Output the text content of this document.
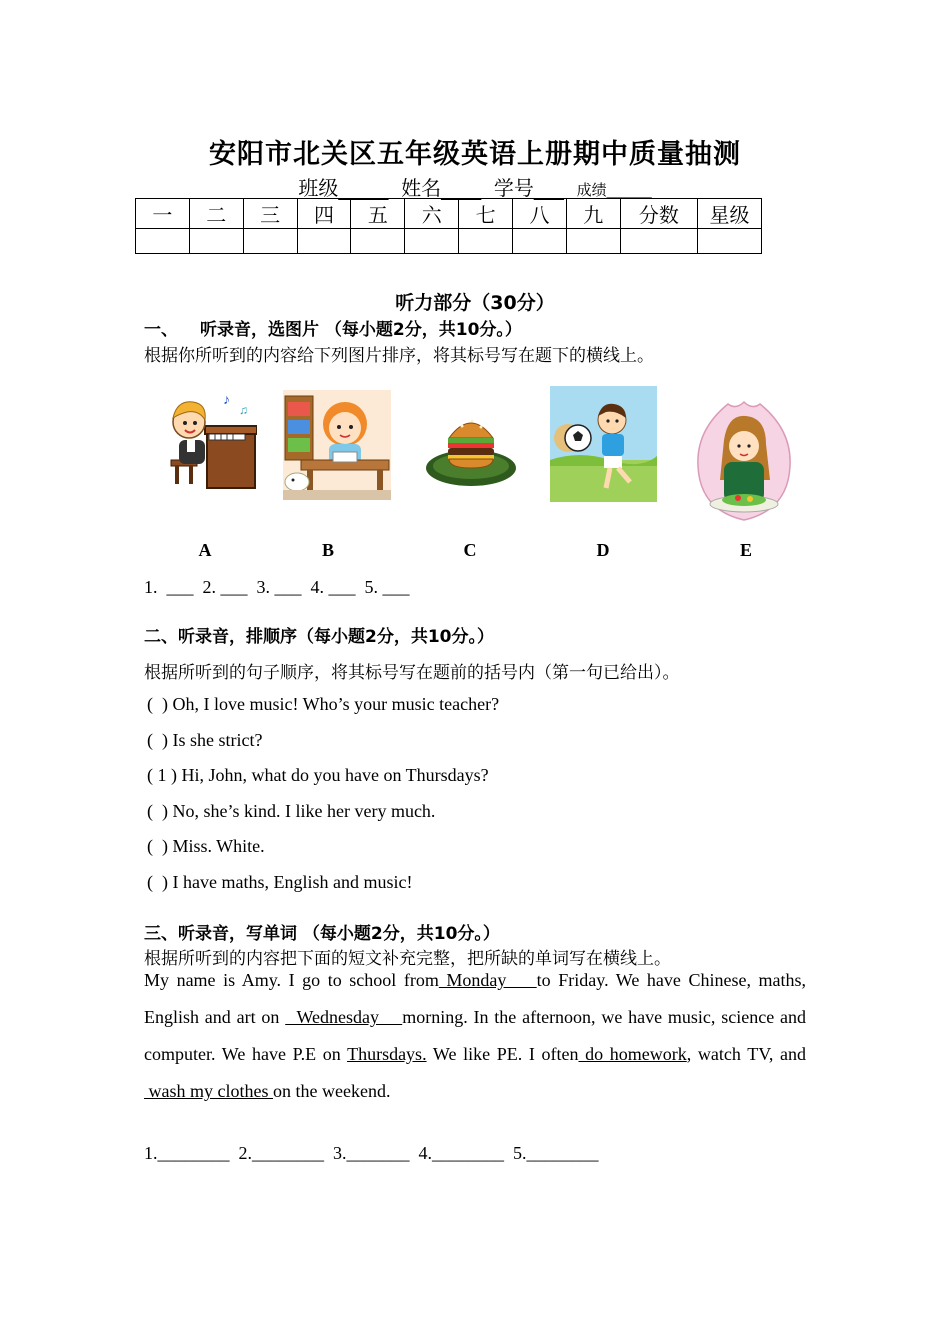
安阳市北关区五年级英语上册期中质量抽测
班级_____ 姓名____ 学号___ 成绩______
一	二	三	四	五	六	七	八	九	分数	星级

听力部分（30分）
一、 听录音，选图片 （每小题2分，共10分。）
根据你所听到的内容给下列图片排序，将其标号写在题下的横线上。
♪
♫
A	B	C	D	E
1.  ___  2. ___  3. ___  4. ___  5. ___
二、听录音，排顺序（每小题2分，共10分。）
根据所听到的句子顺序，将其标号写在题前的括号内（第一句已给出）。
(  ) Oh, I love music! Who’s your music teacher?
(  ) Is she strict?
( 1 ) Hi, John, what do you have on Thursdays?
(  ) No, she’s kind. I like her very much.
(  ) Miss. White.
(  ) I have maths, English and music!
三、听录音，写单词 （每小题2分，共10分。）
根据所听到的内容把下面的短文补充完整，把所缺的单词写在横线上。
My name is Amy. I go to school from Monday    to Friday. We have Chinese, maths, English and art on   Wednesday    morning. In the afternoon, we have music, science and computer. We have P.E on Thursdays. We like PE. I often do homework, watch TV, and wash my clothes on the weekend.
1.________  2.________  3._______  4.________  5.________
